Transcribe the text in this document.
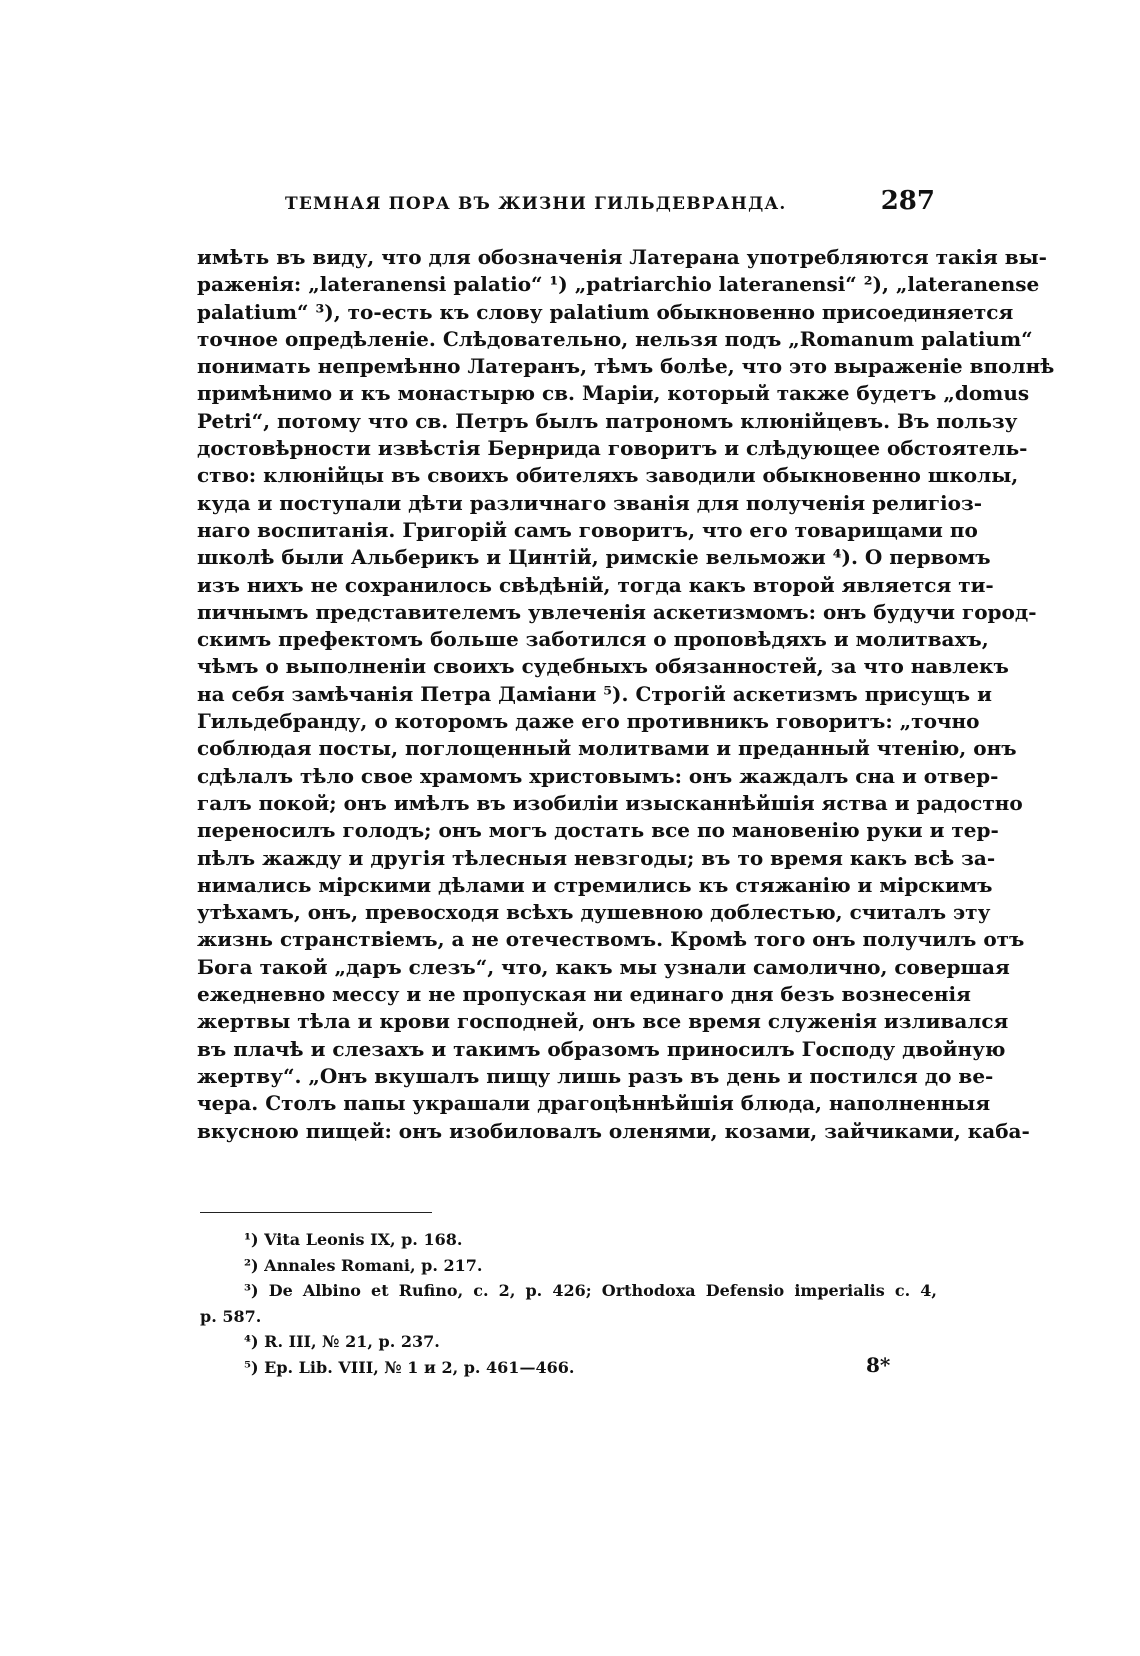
ТЕМНАЯ ПОРА ВЪ ЖИЗНИ ГИЛЬДЕВРАНДА.	287
имѣть въ виду, что для обозначенія Латерана употребляются такія вы-
раженія: „lateranensi palatio“ ¹) „patriarchio lateranensi“ ²), „lateranense
palatium“ ³), то-есть къ слову palatium обыкновенно присоединяется
точное опредѣленіе. Слѣдовательно, нельзя подъ „Romanum palatium“
понимать непремѣнно Латеранъ, тѣмъ болѣе, что это выраженіе вполнѣ
примѣнимо и къ монастырю св. Маріи, который также будетъ „domus
Petri“, потому что св. Петръ былъ патрономъ клюнійцевъ. Въ пользу
достовѣрности извѣстія Бернрида говоритъ и слѣдующее обстоятель-
ство: клюнійцы въ своихъ обителяхъ заводили обыкновенно школы,
куда и поступали дѣти различнаго званія для полученія религіоз-
наго воспитанія. Григорій самъ говоритъ, что его товарищами по
школѣ были Альберикъ и Цинтій, римскіе вельможи ⁴). О первомъ
изъ нихъ не сохранилось свѣдѣній, тогда какъ второй является ти-
пичнымъ представителемъ увлеченія аскетизмомъ: онъ будучи город-
скимъ префектомъ больше заботился о проповѣдяхъ и молитвахъ,
чѣмъ о выполненіи своихъ судебныхъ обязанностей, за что навлекъ
на себя замѣчанія Петра Даміани ⁵). Строгій аскетизмъ присущъ и
Гильдебранду, о которомъ даже его противникъ говоритъ: „точно
соблюдая посты, поглощенный молитвами и преданный чтенію, онъ
сдѣлалъ тѣло свое храмомъ христовымъ: онъ жаждалъ сна и отвер-
галъ покой; онъ имѣлъ въ изобиліи изысканнѣйшія яства и радостно
переносилъ голодъ; онъ могъ достать все по мановенію руки и тер-
пѣлъ жажду и другія тѣлесныя невзгоды; въ то время какъ всѣ за-
нимались мірскими дѣлами и стремились къ стяжанію и мірскимъ
утѣхамъ, онъ, превосходя всѣхъ душевною доблестью, считалъ эту
жизнь странствіемъ, а не отечествомъ. Кромѣ того онъ получилъ отъ
Бога такой „даръ слезъ“, что, какъ мы узнали самолично, совершая
ежедневно мессу и не пропуская ни единаго дня безъ вознесенія
жертвы тѣла и крови господней, онъ все время служенія изливался
въ плачѣ и слезахъ и такимъ образомъ приносилъ Господу двойную
жертву“. „Онъ вкушалъ пищу лишь разъ въ день и постился до ве-
чера. Столъ папы украшали драгоцѣннѣйшія блюда, наполненныя
вкусною пищей: онъ изобиловалъ оленями, козами, зайчиками, каба-
¹) Vita Leonis IX, p. 168.
²) Annales Romani, p. 217.
³) De Albino et Rufino, c. 2, p. 426; Orthodoxa Defensio imperialis c. 4,
p. 587.
⁴) R. III, № 21, p. 237.
⁵) Ep. Lib. VIII, № 1 и 2, p. 461—466.	8*
